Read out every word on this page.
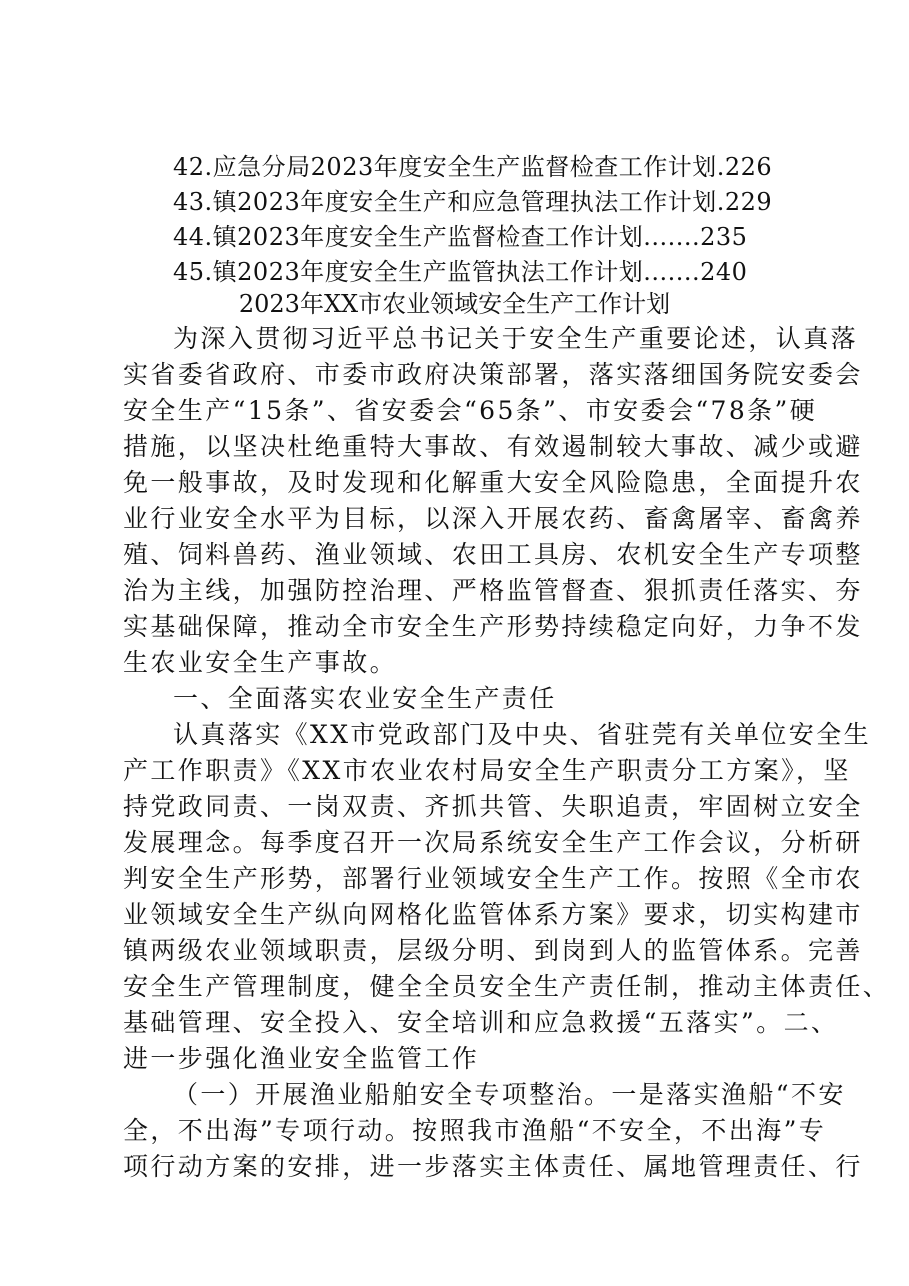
42.应急分局2023年度安全生产监督检查工作计划.226
43.镇2023年度安全生产和应急管理执法工作计划.229
44.镇2023年度安全生产监督检查工作计划.......235
45.镇2023年度安全生产监管执法工作计划.......240
2023年XX市农业领域安全生产工作计划
为深入贯彻习近平总书记关于安全生产重要论述，认真落
实省委省政府、市委市政府决策部署，落实落细国务院安委会
安全生产“15条”、省安委会“65条”、市安委会“78条”硬
措施，以坚决杜绝重特大事故、有效遏制较大事故、减少或避
免一般事故，及时发现和化解重大安全风险隐患，全面提升农
业行业安全水平为目标，以深入开展农药、畜禽屠宰、畜禽养
殖、饲料兽药、渔业领域、农田工具房、农机安全生产专项整
治为主线，加强防控治理、严格监管督查、狠抓责任落实、夯
实基础保障，推动全市安全生产形势持续稳定向好，力争不发
生农业安全生产事故。
一、全面落实农业安全生产责任
认真落实《XX市党政部门及中央、省驻莞有关单位安全生
产工作职责》《XX市农业农村局安全生产职责分工方案》，坚
持党政同责、一岗双责、齐抓共管、失职追责，牢固树立安全
发展理念。每季度召开一次局系统安全生产工作会议，分析研
判安全生产形势，部署行业领域安全生产工作。按照《全市农
业领域安全生产纵向网格化监管体系方案》要求，切实构建市
镇两级农业领域职责，层级分明、到岗到人的监管体系。完善
安全生产管理制度，健全全员安全生产责任制，推动主体责任、
基础管理、安全投入、安全培训和应急救援“五落实”。二、
进一步强化渔业安全监管工作
（一）开展渔业船舶安全专项整治。一是落实渔船“不安
全，不出海”专项行动。按照我市渔船“不安全，不出海”专
项行动方案的安排，进一步落实主体责任、属地管理责任、行
